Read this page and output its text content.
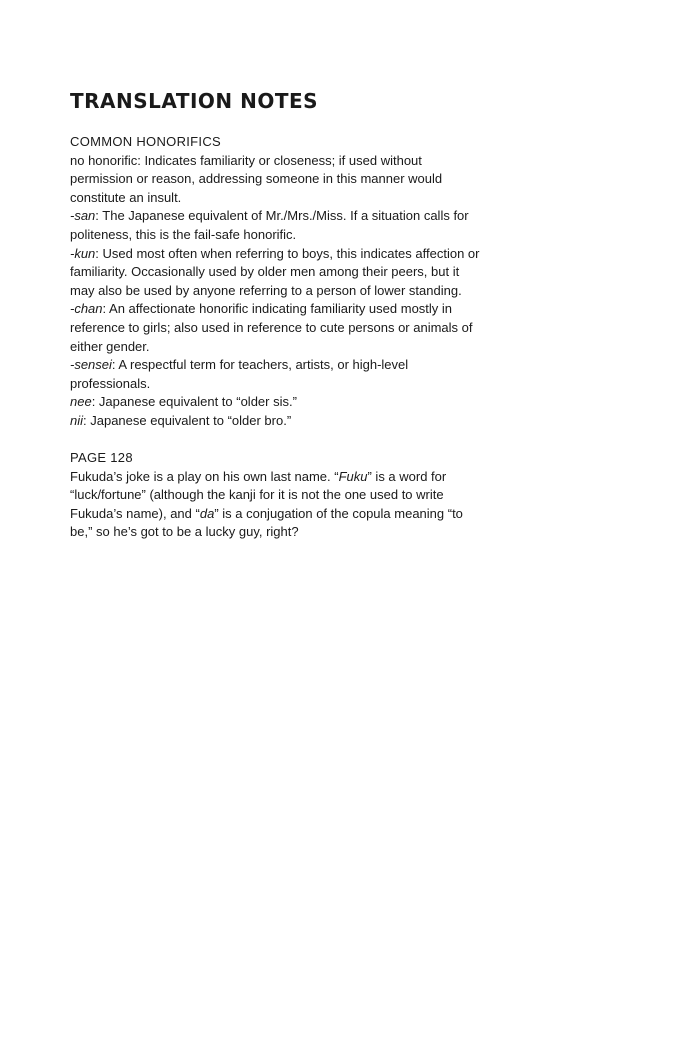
TRANSLATION NOTES

COMMON HONORIFICS

no honorific: Indicates familiarity or closeness; if used without permission or reason, addressing someone in this manner would constitute an insult.

-san: The Japanese equivalent of Mr./Mrs./Miss. If a situation calls for politeness, this is the fail-safe honorific.

-kun: Used most often when referring to boys, this indicates affection or familiarity. Occasionally used by older men among their peers, but it may also be used by anyone referring to a person of lower standing.

-chan: An affectionate honorific indicating familiarity used mostly in reference to girls; also used in reference to cute persons or animals of either gender.

-sensei: A respectful term for teachers, artists, or high-level professionals.

nee: Japanese equivalent to “older sis.”

nii: Japanese equivalent to “older bro.”

PAGE 128

Fukuda’s joke is a play on his own last name. “Fuku” is a word for “luck/fortune” (although the kanji for it is not the one used to write Fukuda’s name), and “da” is a conjugation of the copula meaning “to be,” so he’s got to be a lucky guy, right?
